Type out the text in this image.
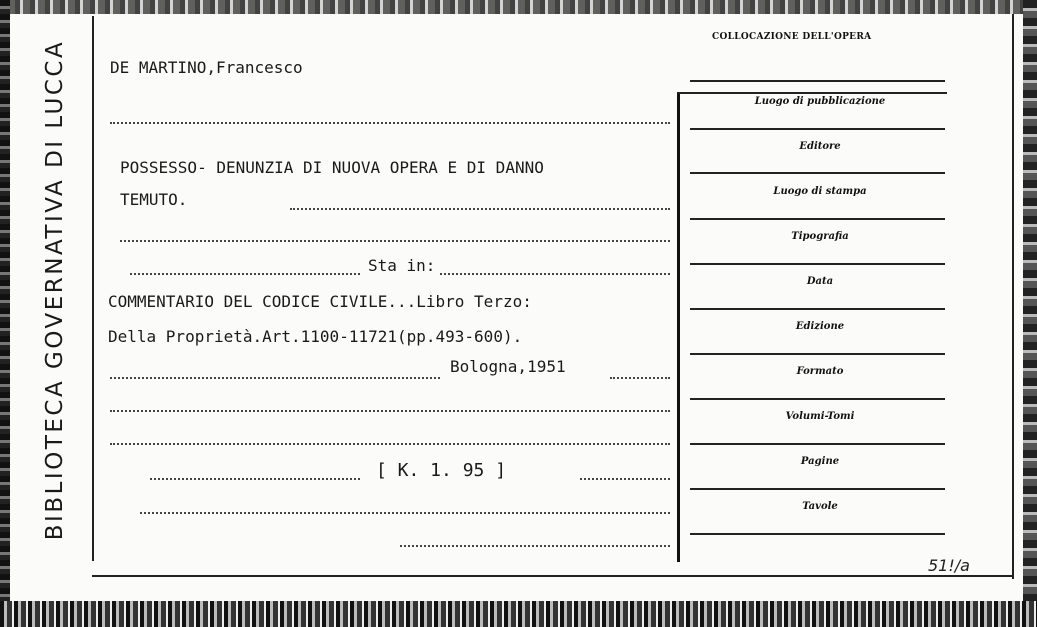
BIBLIOTECA GOVERNATIVA DI LUCCA	DE MARTINO,Francesco
POSSESSO- DENUNZIA DI NUOVA OPERA E DI DANNO
TEMUTO.
Sta in:
COMMENTARIO DEL CODICE CIVILE...Libro Terzo:
Della Proprietà.Art.1100-11721(pp.493-600).
Bologna,1951
[ K. 1. 95 ]
COLLOCAZIONE DELL'OPERA
Luogo di pubblicazione
Editore
Luogo di stampa
Tipografia
Data
Edizione
Formato
Volumi-Tomi
Pagine
Tavole
51!/a
